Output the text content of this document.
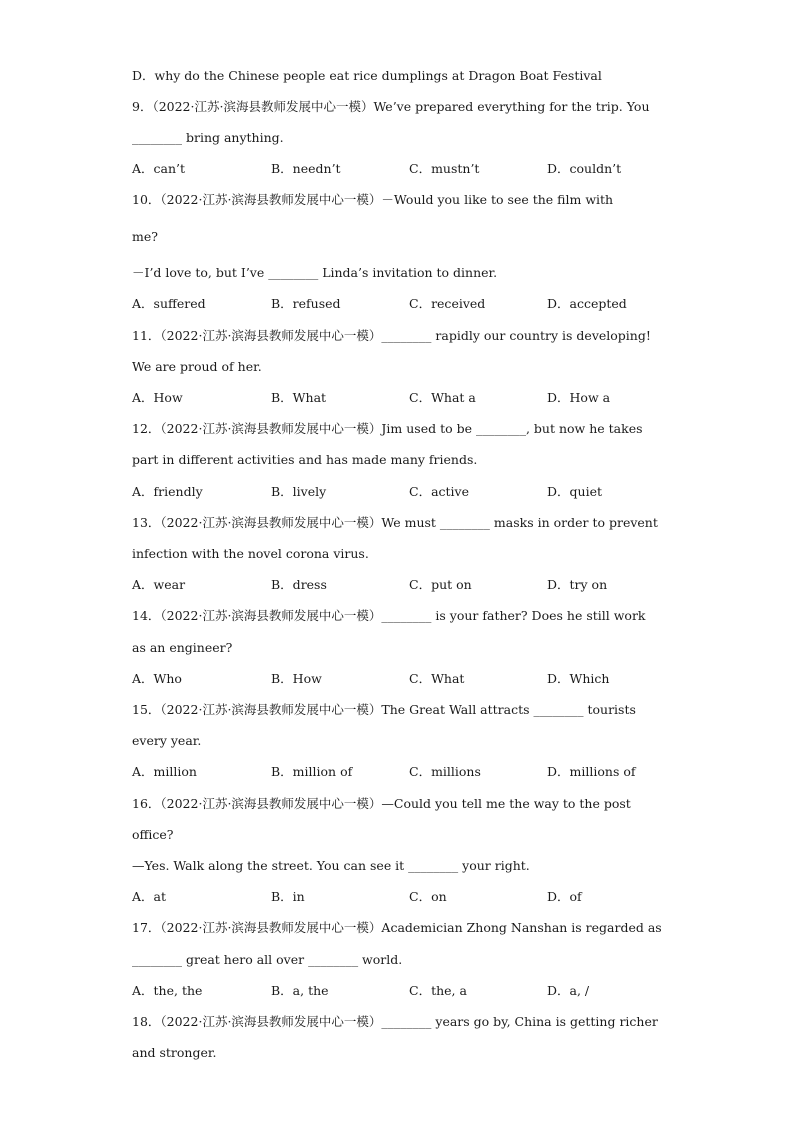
D．why do the Chinese people eat rice dumplings at Dragon Boat Festival
9．（2022·江苏·滨海县教师发展中心一模）We’ve prepared everything for the trip. You
________ bring anything.
A．can’t	B．needn’t	C．mustn’t	D．couldn’t
10．（2022·江苏·滨海县教师发展中心一模）－Would you like to see the film with
me?
－I’d love to, but I’ve ________ Linda’s invitation to dinner.
A．suffered	B．refused	C．received	D．accepted
11．（2022·江苏·滨海县教师发展中心一模）________ rapidly our country is developing!
We are proud of her.
A．How	B．What	C．What a	D．How a
12．（2022·江苏·滨海县教师发展中心一模）Jim used to be ________, but now he takes
part in different activities and has made many friends.
A．friendly	B．lively	C．active	D．quiet
13．（2022·江苏·滨海县教师发展中心一模）We must ________ masks in order to prevent
infection with the novel corona virus.
A．wear	B．dress	C．put on	D．try on
14．（2022·江苏·滨海县教师发展中心一模）________ is your father? Does he still work
as an engineer?
A．Who	B．How	C．What	D．Which
15．（2022·江苏·滨海县教师发展中心一模）The Great Wall attracts ________ tourists
every year.
A．million	B．million of	C．millions	D．millions of
16．（2022·江苏·滨海县教师发展中心一模）—Could you tell me the way to the post
office?
—Yes. Walk along the street. You can see it ________ your right.
A．at	B．in	C．on	D．of
17．（2022·江苏·滨海县教师发展中心一模）Academician Zhong Nanshan is regarded as
________ great hero all over ________ world.
A．the, the	B．a, the	C．the, a	D．a, /
18．（2022·江苏·滨海县教师发展中心一模）________ years go by, China is getting richer
and stronger.
